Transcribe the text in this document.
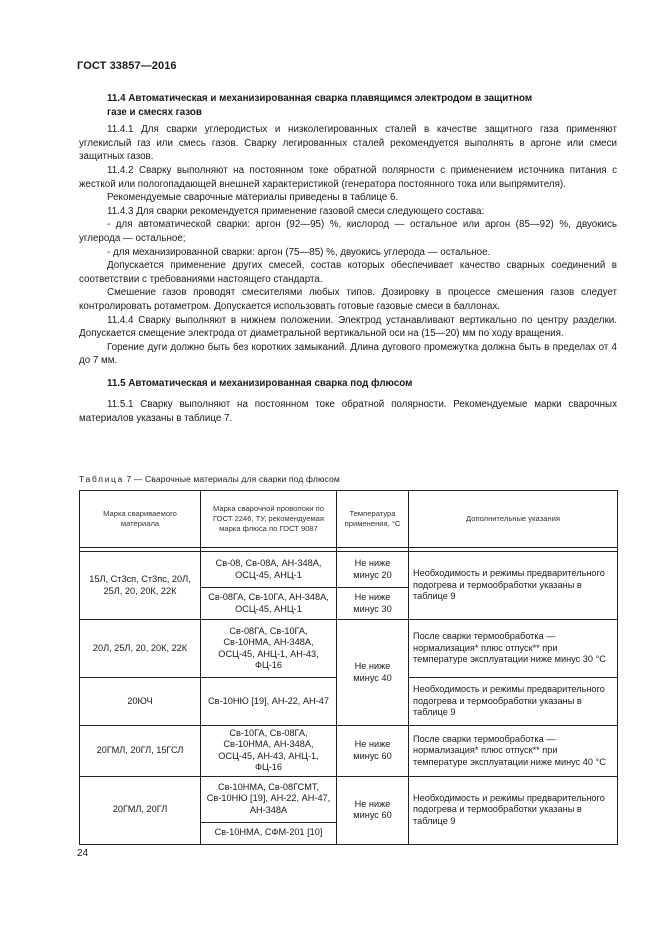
ГОСТ 33857—2016
11.4 Автоматическая и механизированная сварка плавящимся электродом в защитном
газе и смесях газов

11.4.1 Для сварки углеродистых и низколегированных сталей в качестве защитного газа применяют углекислый газ или смесь газов. Сварку легированных сталей рекомендуется выполнять в аргоне или смеси защитных газов.

11.4.2 Сварку выполняют на постоянном токе обратной полярности с применением источника питания с жесткой или пологопадающей внешней характеристикой (генератора постоянного тока или выпрямителя).

Рекомендуемые сварочные материалы приведены в таблице 6.

11.4.3 Для сварки рекомендуется применение газовой смеси следующего состава:

- для автоматической сварки: аргон (92—95) %, кислород — остальное или аргон (85—92) %, двуокись углерода — остальное;

- для механизированной сварки: аргон (75—85) %, двуокись углерода — остальное.

Допускается применение других смесей, состав которых обеспечивает качество сварных соединений в соответствии с требованиями настоящего стандарта.

Смешение газов проводят смесителями любых типов. Дозировку в процессе смешения газов следует контролировать ротаметром. Допускается использовать готовые газовые смеси в баллонах.

11.4.4 Сварку выполняют в нижнем положении. Электрод устанавливают вертикально по центру разделки. Допускается смещение электрода от диаметральной вертикальной оси на (15—20) мм по ходу вращения.

Горение дуги должно быть без коротких замыканий. Длина дугового промежутка должна быть в пределах от 4 до 7 мм.

11.5 Автоматическая и механизированная сварка под флюсом

11.5.1 Сварку выполняют на постоянном токе обратной полярности. Рекомендуемые марки сварочных материалов указаны в таблице 7.

Таблица 7 — Сварочные материалы для сварки под флюсом
Марка свариваемого материала	Марка сварочной проволоки по ГОСТ 2246, ТУ, рекомендуемая марка флюса по ГОСТ 9087	Температура применения, °С	Дополнительные указания

15Л, Ст3сп, Ст3пс, 20Л, 25Л, 20, 20К, 22К	Св-08, Св-08А, АН-348А, ОСЦ-45, АНЦ-1	Не ниже минус 20	Необходимость и режимы предварительного подогрева и термообработки указаны в таблице 9
	Св-08ГА, Св-10ГА, АН-348А, ОСЦ-45, АНЦ-1	Не ниже минус 30	
20Л, 25Л, 20, 20К, 22К	Св-08ГА, Св-10ГА, Св-10НМА, АН-348А, ОСЦ-45, АНЦ-1, АН-43, ФЦ-16	Не ниже минус 40	После сварки термообработка — нормализация* плюс отпуск** при температуре эксплуатации ниже минус 30 °С
20ЮЧ	Св-10НЮ [19], АН-22, АН-47		Необходимость и режимы предварительного подогрева и термообработки указаны в таблице 9
20ГМЛ, 20ГЛ, 15ГСЛ	Св-10ГА, Св-08ГА, Св-10НМА, АН-348А, ОСЦ-45, АН-43, АНЦ-1, ФЦ-16	Не ниже минус 60	После сварки термообработка — нормализация* плюс отпуск** при температуре эксплуатации ниже минус 40 °С
20ГМЛ, 20ГЛ	Св-10НМА, Св-08ГСМТ, Св-10НЮ [19], АН-22, АН-47, АН-348А	Не ниже минус 60	Необходимость и режимы предварительного подогрева и термообработки указаны в таблице 9
	Св-10НМА, СФМ-201 [10]		
24
